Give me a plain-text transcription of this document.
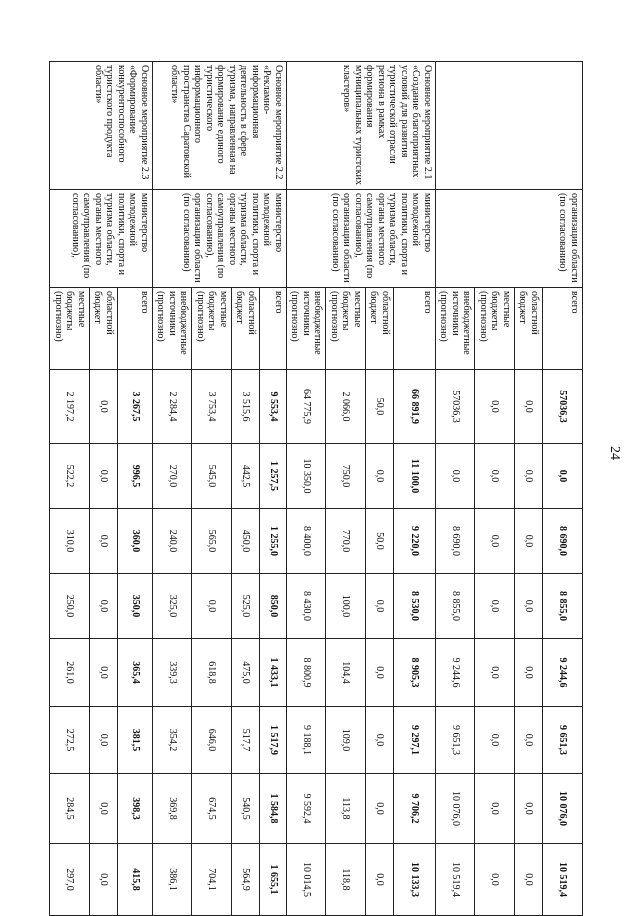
24
	организации области (по согласованию)	всего	57036,3	0,0	8 690,0	8 855,0	9 244,6	9 651,3	10 076,0	10 519,4
		областной бюджет	0,0	0,0	0,0	0,0	0,0	0,0	0,0	0,0
		местные бюджеты (прогнозно)	0,0	0,0	0,0	0,0	0,0	0,0	0,0	0,0
		внебюджетные источники (прогнозно)	57036,3	0,0	8 690,0	8 855,0	9 244,6	9 651,3	10 076,0	10 519,4
Основное мероприятие 2.1 «Создание благоприятных условий для развития туристической отрасли региона в рамках формирования муниципальных туристских кластеров»	министерство молодежной политики, спорта и туризма области, органы местного самоуправления (по согласованию), организации области (по согласованию)	всего	66 891,9	11 100,0	9 220,0	8 530,0	8 905,3	9 297,1	9 706,2	10 133,3
		областной бюджет	50,0	0,0	50,0	0,0	0,0	0,0	0,0	0,0
		местные бюджеты (прогнозно)	2 066,0	750,0	770,0	100,0	104,4	109,0	113,8	118,8
		внебюджетные источники (прогнозно)	64 775,9	10 350,0	8 400,0	8 430,0	8 800,9	9 188,1	9 592,4	10 014,5
Основное мероприятие 2.2 «Рекламно-информационная деятельность в сфере туризма, направленная на формирование единого туристического информационного пространства Саратовской области»	министерство молодежной политики, спорта и туризма области, органы местного самоуправления (по согласованию), организации области (по согласованию)	всего	9 553,4	1 257,5	1 255,0	850,0	1 433,1	1 517,9	1 584,8	1 655,1
		областной бюджет	3 515,6	442,5	450,0	525,0	475,0	517,7	540,5	564,9
		местные бюджеты (прогнозно)	3 753,4	545,0	565,0	0,0	618,8	646,0	674,5	704,1
		внебюджетные источники (прогнозно)	2 284,4	270,0	240,0	325,0	339,3	354,2	369,8	386,1
Основное мероприятие 2.3 «Формирование конкурентоспособного туристского продукта области»	министерство молодежной политики, спорта и туризма области, органы местного самоуправления (по согласованию),	всего	3 267,5	996,5	360,0	350,0	365,4	381,5	398,3	415,8
		областной бюджет	0,0	0,0	0,0	0,0	0,0	0,0	0,0	0,0
		местные бюджеты (прогнозно)	2 197,2	522,2	310,0	250,0	261,0	272,5	284,5	297,0
